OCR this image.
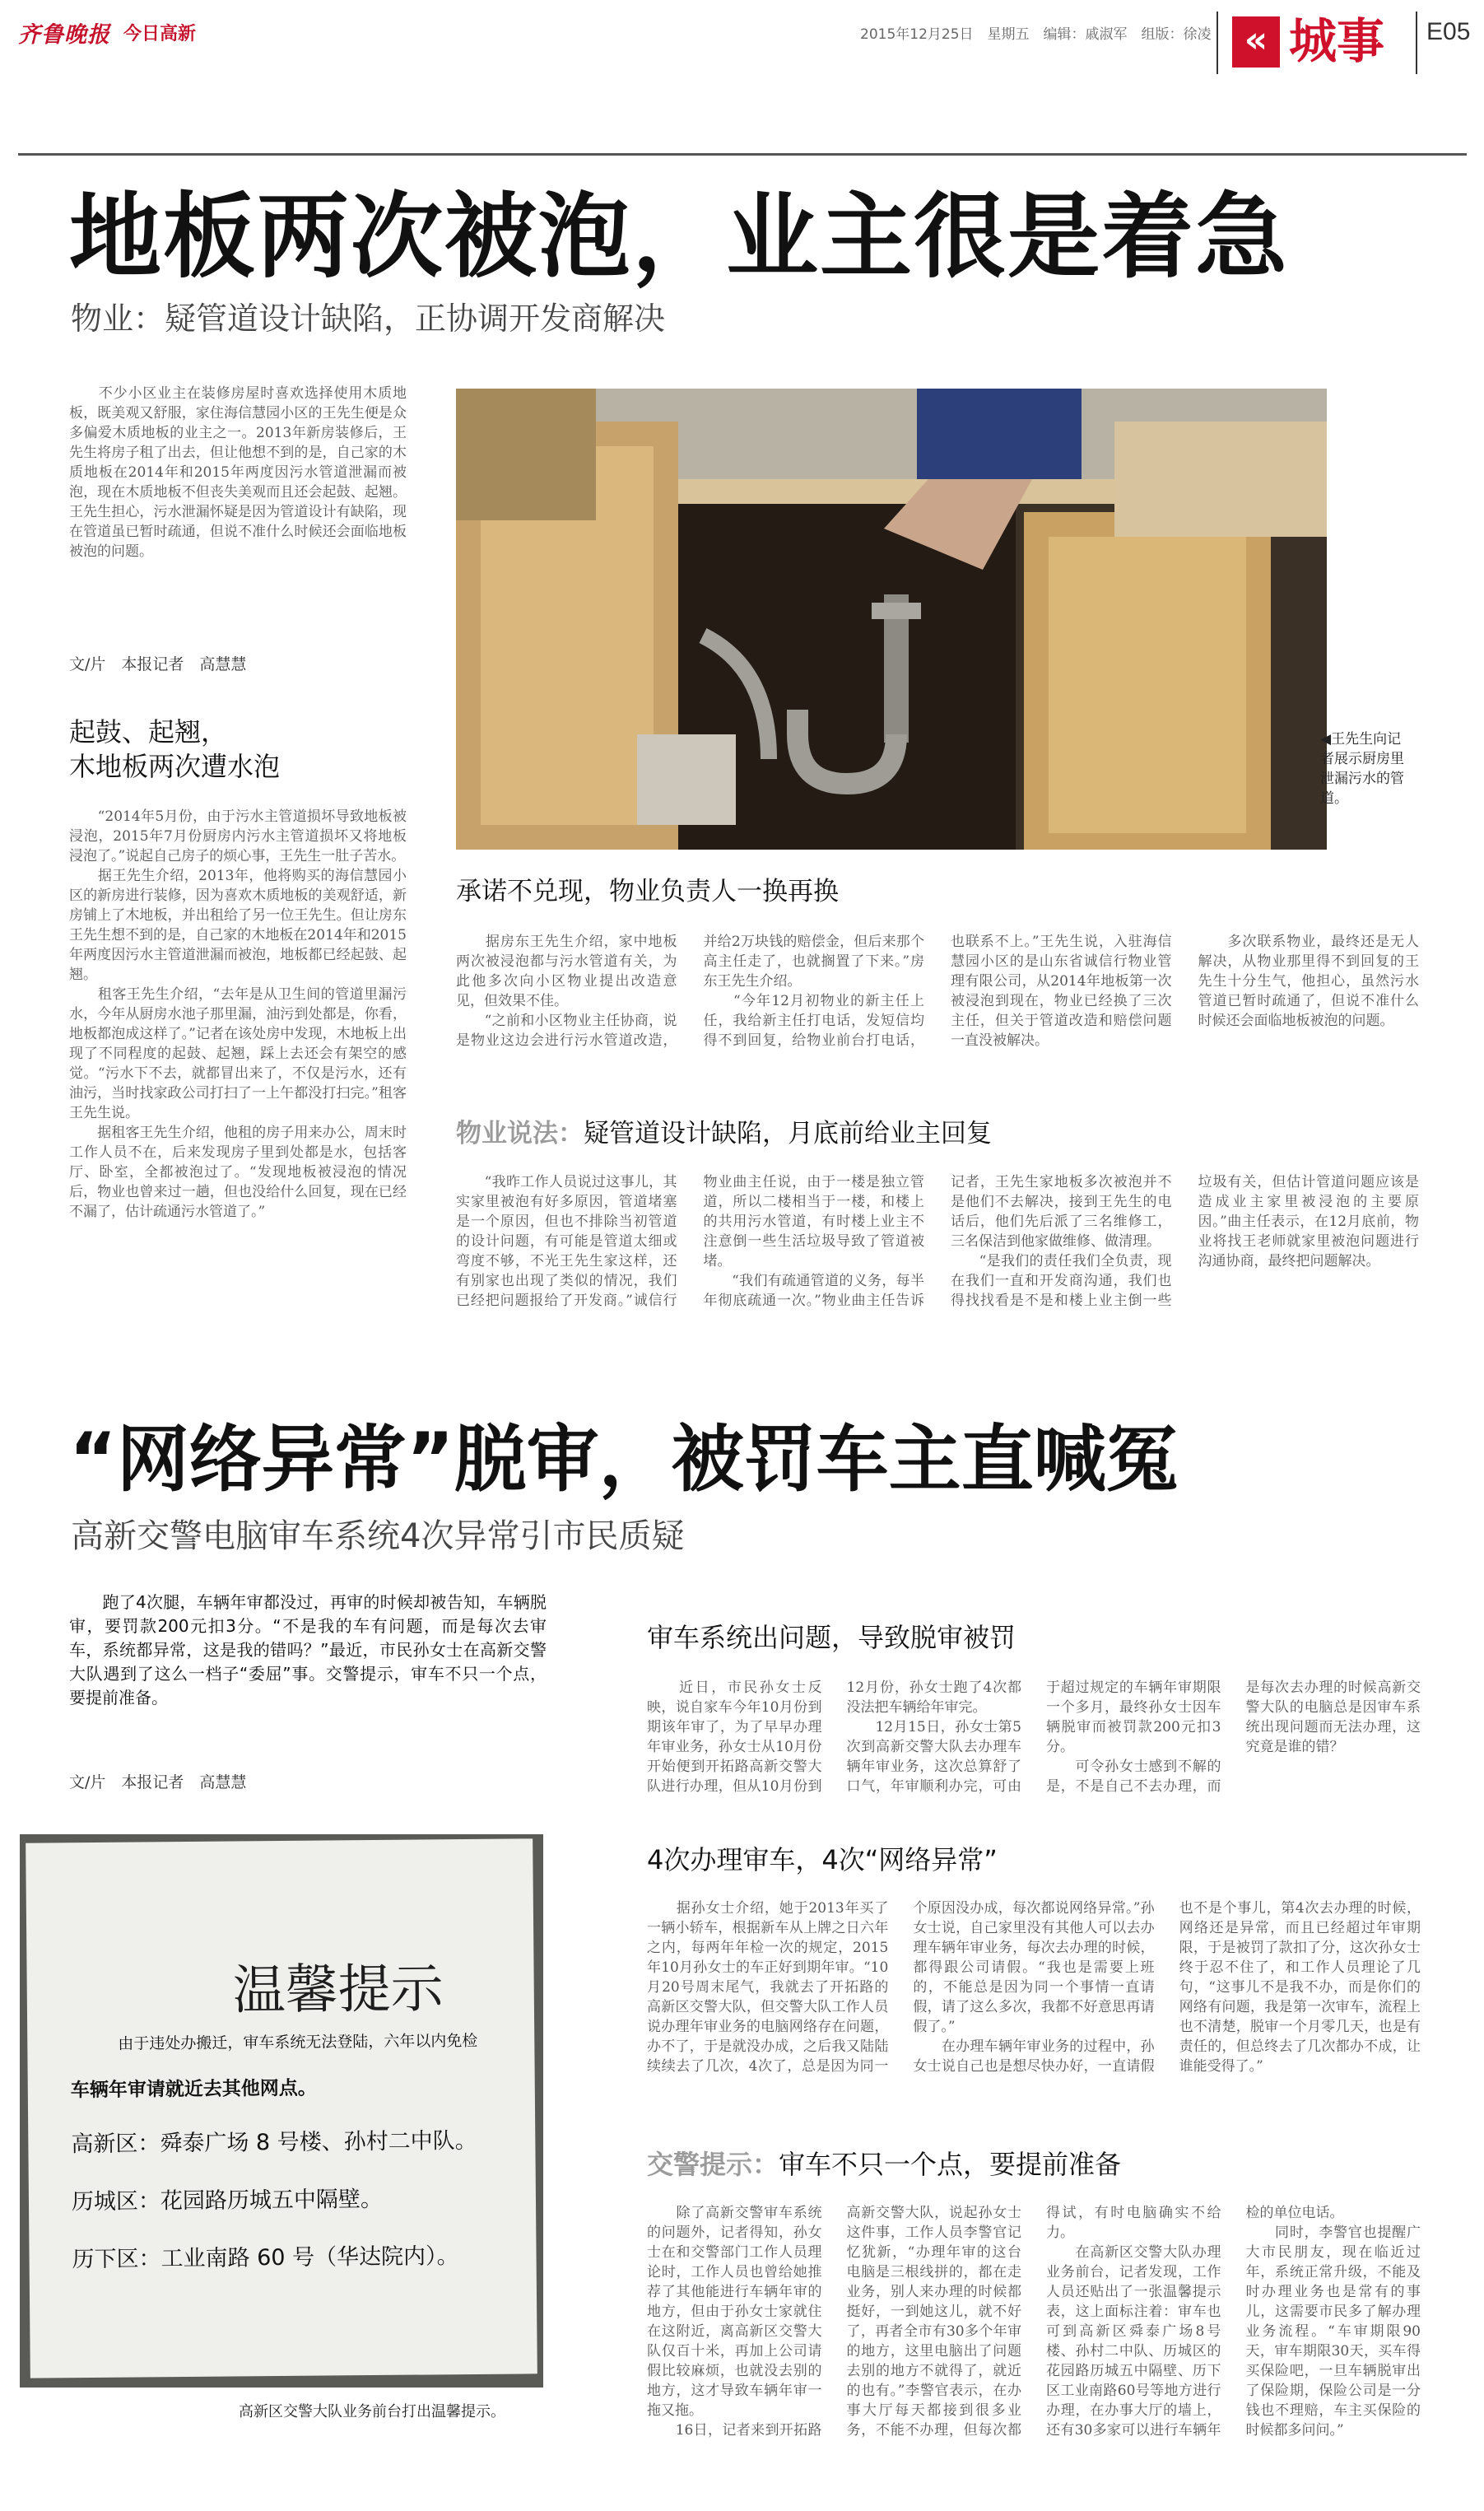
齐鲁晚报 今日高新	2015年12月25日　星期五　编辑：戚淑军　组版：徐凌 « 城事 E05
地板两次被泡，业主很是着急
物业：疑管道设计缺陷，正协调开发商解决
　　不少小区业主在装修房屋时喜欢选择使用木质地板，既美观又舒服，家住海信慧园小区的王先生便是众多偏爱木质地板的业主之一。2013年新房装修后，王先生将房子租了出去，但让他想不到的是，自己家的木质地板在2014年和2015年两度因污水管道泄漏而被泡，现在木质地板不但丧失美观而且还会起鼓、起翘。王先生担心，污水泄漏怀疑是因为管道设计有缺陷，现在管道虽已暂时疏通，但说不准什么时候还会面临地板被泡的问题。
文/片　本报记者　高慧慧
起鼓、起翘，
木地板两次遭水泡
　　“2014年5月份，由于污水主管道损坏导致地板被浸泡，2015年7月份厨房内污水主管道损坏又将地板浸泡了。”说起自己房子的烦心事，王先生一肚子苦水。
　　据王先生介绍，2013年，他将购买的海信慧园小区的新房进行装修，因为喜欢木质地板的美观舒适，新房铺上了木地板，并出租给了另一位王先生。但让房东王先生想不到的是，自己家的木地板在2014年和2015年两度因污水主管道泄漏而被泡，地板都已经起鼓、起翘。
　　租客王先生介绍，“去年是从卫生间的管道里漏污水，今年从厨房水池子那里漏，油污到处都是，你看，地板都泡成这样了。”记者在该处房中发现，木地板上出现了不同程度的起鼓、起翘，踩上去还会有架空的感觉。“污水下不去，就都冒出来了，不仅是污水，还有油污，当时找家政公司打扫了一上午都没打扫完。”租客王先生说。
　　据租客王先生介绍，他租的房子用来办公，周末时工作人员不在，后来发现房子里到处都是水，包括客厅、卧室，全都被泡过了。“发现地板被浸泡的情况后，物业也曾来过一趟，但也没给什么回复，现在已经不漏了，估计疏通污水管道了。”
◀王先生向记者展示厨房里泄漏污水的管道。
承诺不兑现，物业负责人一换再换
　　据房东王先生介绍，家中地板两次被浸泡都与污水管道有关，为此他多次向小区物业提出改造意见，但效果不佳。
　　“之前和小区物业主任协商，说是物业这边会进行污水管道改造，并给2万块钱的赔偿金，但后来那个高主任走了，也就搁置了下来。”房东王先生介绍。
　　“今年12月初物业的新主任上任，我给新主任打电话，发短信均得不到回复，给物业前台打电话，也联系不上。”王先生说，入驻海信慧园小区的是山东省诚信行物业管理有限公司，从2014年地板第一次被浸泡到现在，物业已经换了三次主任，但关于管道改造和赔偿问题一直没被解决。
　　多次联系物业，最终还是无人解决，从物业那里得不到回复的王先生十分生气，他担心，虽然污水管道已暂时疏通了，但说不准什么时候还会面临地板被泡的问题。
物业说法：疑管道设计缺陷，月底前给业主回复
　　“我昨工作人员说过这事儿，其实家里被泡有好多原因，管道堵塞是一个原因，但也不排除当初管道的设计问题，有可能是管道太细或弯度不够，不光王先生家这样，还有别家也出现了类似的情况，我们已经把问题报给了开发商。”诚信行物业曲主任说，由于一楼是独立管道，所以二楼相当于一楼，和楼上的共用污水管道，有时楼上业主不注意倒一些生活垃圾导致了管道被堵。
　　“我们有疏通管道的义务，每半年彻底疏通一次。”物业曲主任告诉记者，王先生家地板多次被泡并不是他们不去解决，接到王先生的电话后，他们先后派了三名维修工，三名保洁到他家做维修、做清理。
　　“是我们的责任我们全负责，现在我们一直和开发商沟通，我们也得找找看是不是和楼上业主倒一些垃圾有关，但估计管道问题应该是造成业主家里被浸泡的主要原因。”曲主任表示，在12月底前，物业将找王老师就家里被泡问题进行沟通协商，最终把问题解决。
“网络异常”脱审，被罚车主直喊冤
高新交警电脑审车系统4次异常引市民质疑
　　跑了4次腿，车辆年审都没过，再审的时候却被告知，车辆脱审，要罚款200元扣3分。“不是我的车有问题，而是每次去审车，系统都异常，这是我的错吗？”最近，市民孙女士在高新交警大队遇到了这么一档子“委屈”事。交警提示，审车不只一个点，要提前准备。
文/片　本报记者　高慧慧
温馨提示
由于违处办搬迁，审车系统无法登陆，六年以内免检
车辆年审请就近去其他网点。
高新区：舜泰广场 8 号楼、孙村二中队。
历城区：花园路历城五中隔壁。
历下区：工业南路 60 号（华达院内）。
高新区交警大队业务前台打出温馨提示。
审车系统出问题，导致脱审被罚
　　近日，市民孙女士反映，说自家车今年10月份到期该年审了，为了早早办理年审业务，孙女士从10月份开始便到开拓路高新交警大队进行办理，但从10月份到12月份，孙女士跑了4次都没法把车辆给年审完。
　　12月15日，孙女士第5次到高新交警大队去办理车辆年审业务，这次总算舒了口气，年审顺利办完，可由于超过规定的车辆年审期限一个多月，最终孙女士因车辆脱审而被罚款200元扣3分。
　　可令孙女士感到不解的是，不是自己不去办理，而是每次去办理的时候高新交警大队的电脑总是因审车系统出现问题而无法办理，这究竟是谁的错？
4次办理审车，4次“网络异常”
　　据孙女士介绍，她于2013年买了一辆小轿车，根据新车从上牌之日六年之内，每两年年检一次的规定，2015年10月孙女士的车正好到期年审。“10月20号周末尾气，我就去了开拓路的高新区交警大队，但交警大队工作人员说办理年审业务的电脑网络存在问题，办不了，于是就没办成，之后我又陆陆续续去了几次，4次了，总是因为同一个原因没办成，每次都说网络异常。”孙女士说，自己家里没有其他人可以去办理车辆年审业务，每次去办理的时候，都得跟公司请假。“我也是需要上班的，不能总是因为同一个事情一直请假，请了这么多次，我都不好意思再请假了。”
　　在办理车辆年审业务的过程中，孙女士说自己也是想尽快办好，一直请假也不是个事儿，第4次去办理的时候，网络还是异常，而且已经超过年审期限，于是被罚了款扣了分，这次孙女士终于忍不住了，和工作人员理论了几句，“这事儿不是我不办，而是你们的网络有问题，我是第一次审车，流程上也不清楚，脱审一个月零几天，也是有责任的，但总终去了几次都办不成，让谁能受得了。”
交警提示：审车不只一个点，要提前准备
　　除了高新交警审车系统的问题外，记者得知，孙女士在和交警部门工作人员理论时，工作人员也曾给她推荐了其他能进行车辆年审的地方，但由于孙女士家就住在这附近，离高新区交警大队仅百十米，再加上公司请假比较麻烦，也就没去别的地方，这才导致车辆年审一拖又拖。
　　16日，记者来到开拓路高新交警大队，说起孙女士这件事，工作人员李警官记忆犹新，“办理年审的这台电脑是三根线拼的，都在走业务，别人来办理的时候都挺好，一到她这儿，就不好了，再者全市有30多个年审的地方，这里电脑出了问题去别的地方不就得了，就近的也有。”李警官表示，在办事大厅每天都接到很多业务，不能不办理，但每次都得试，有时电脑确实不给力。
　　在高新区交警大队办理业务前台，记者发现，工作人员还贴出了一张温馨提示表，这上面标注着：审车也可到高新区舜泰广场8号楼、孙村二中队、历城区的花园路历城五中隔壁、历下区工业南路60号等地方进行办理，在办事大厅的墙上，还有30多家可以进行车辆年检的单位电话。
　　同时，李警官也提醒广大市民朋友，现在临近过年，系统正常升级，不能及时办理业务也是常有的事儿，这需要市民多了解办理业务流程。“车审期限90天，审车期限30天，买车得买保险吧，一旦车辆脱审出了保险期，保险公司是一分钱也不理赔，车主买保险的时候都多问问。”
